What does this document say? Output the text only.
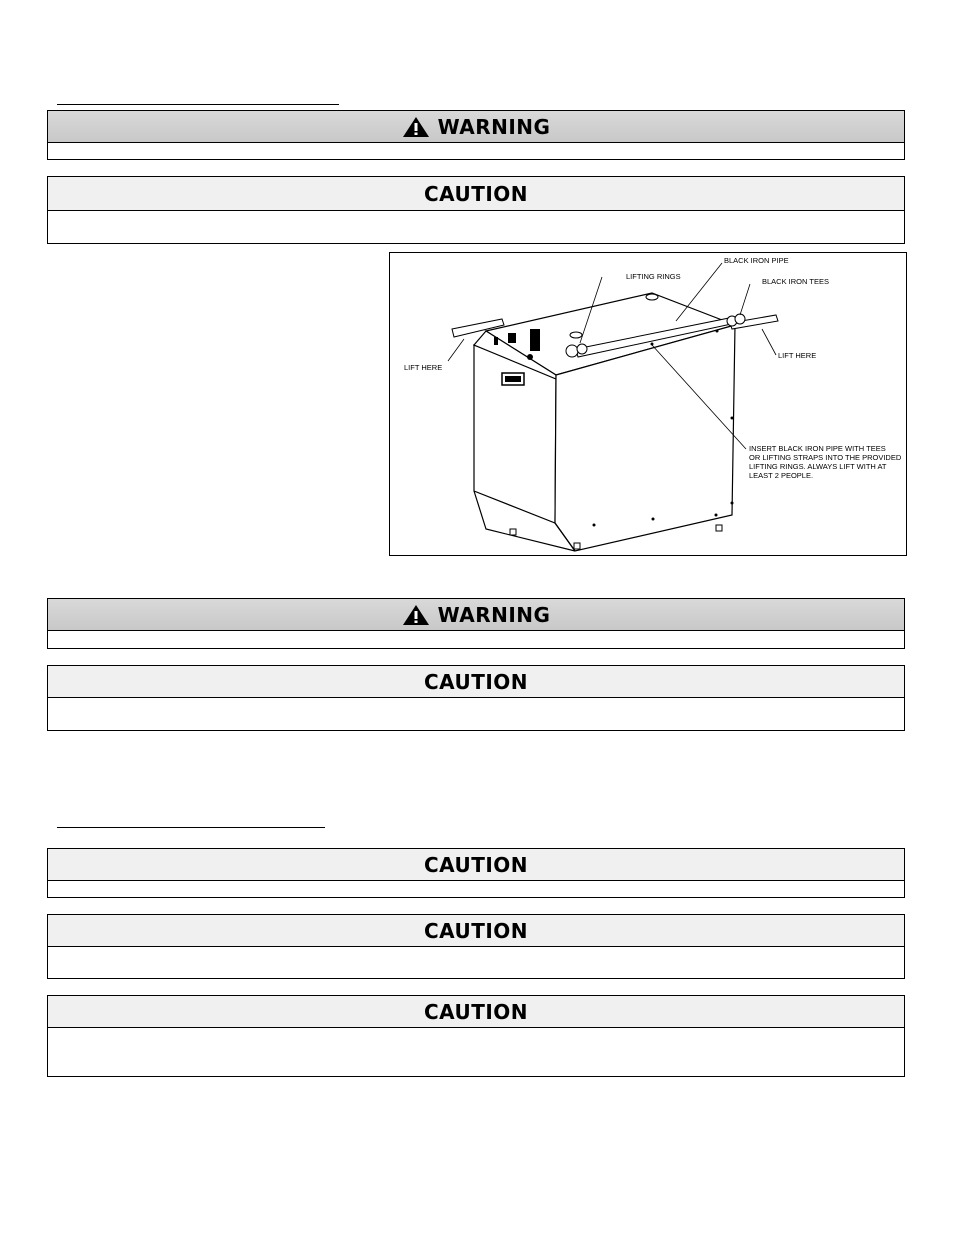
WARNING
CAUTION
BLACK IRON PIPE
LIFTING RINGS
BLACK IRON TEES
LIFT HERE
LIFT HERE
INSERT BLACK IRON PIPE WITH TEES
OR LIFTING STRAPS INTO THE PROVIDED
LIFTING RINGS. ALWAYS LIFT WITH AT
LEAST 2 PEOPLE.
WARNING
CAUTION
CAUTION
CAUTION
CAUTION
